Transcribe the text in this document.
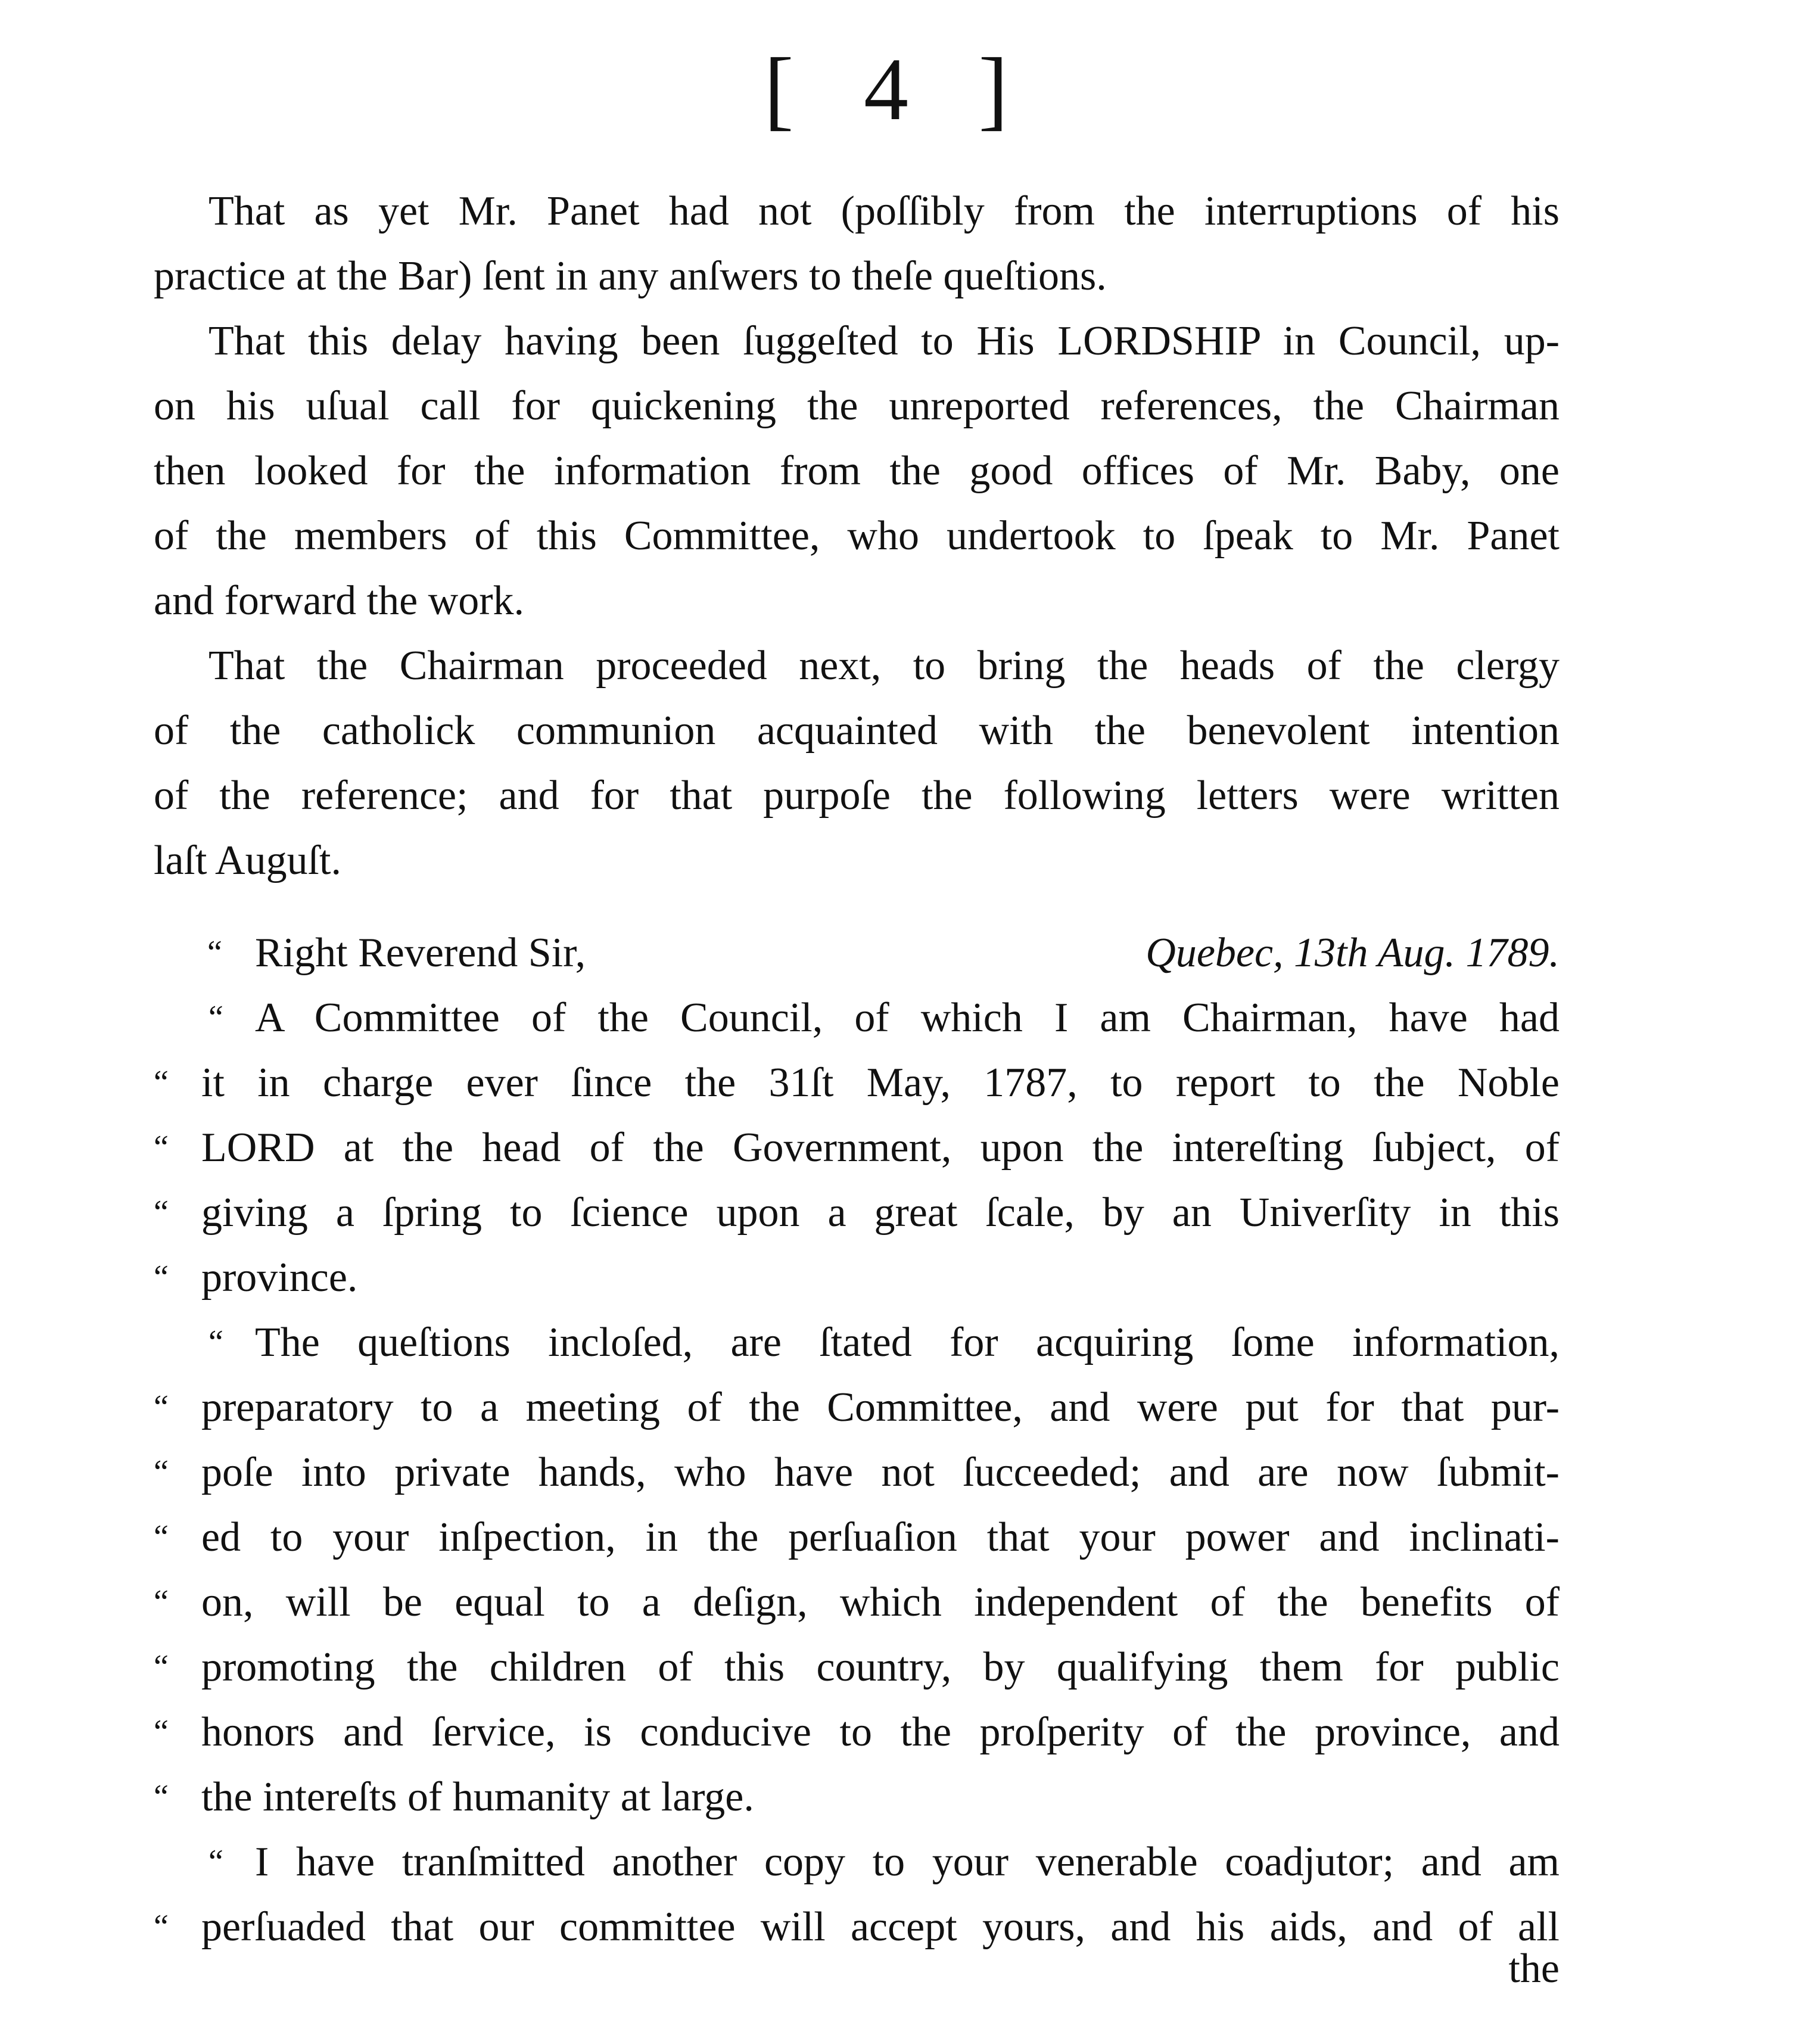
[ 4 ]
That as yet Mr. Panet had not (poſſibly from the interruptions of his
practice at the Bar) ſent in any anſwers to theſe queſtions.
That this delay having been ſuggeſted to His LORDSHIP in Council, up-
on his uſual call for quickening the unreported references, the Chairman
then looked for the information from the good offices of Mr. Baby, one
of the members of this Committee, who undertook to ſpeak to Mr. Panet
and forward the work.
That the Chairman proceeded next, to bring the heads of the clergy
of the catholick communion acquainted with the benevolent intention
of the reference; and for that purpoſe the following letters were written
laſt Auguſt.
“ Right Reverend Sir,	Quebec, 13th Aug. 1789.
“ A Committee of the Council, of which I am Chairman, have had
“ it in charge ever ſince the 31ſt May, 1787, to report to the Noble
“ LORD at the head of the Government, upon the intereſting ſubject, of
“ giving a ſpring to ſcience upon a great ſcale, by an Univerſity in this
“ province.
“ The queſtions incloſed, are ſtated for acquiring ſome information,
“ preparatory to a meeting of the Committee, and were put for that pur-
“ poſe into private hands, who have not ſucceeded; and are now ſubmit-
“ ed to your inſpection, in the perſuaſion that your power and inclinati-
“ on, will be equal to a deſign, which independent of the benefits of
“ promoting the children of this country, by qualifying them for public
“ honors and ſervice, is conducive to the proſperity of the province, and
“ the intereſts of humanity at large.
“ I have tranſmitted another copy to your venerable coadjutor; and am
“ perſuaded that our committee will accept yours, and his aids, and of all
the
